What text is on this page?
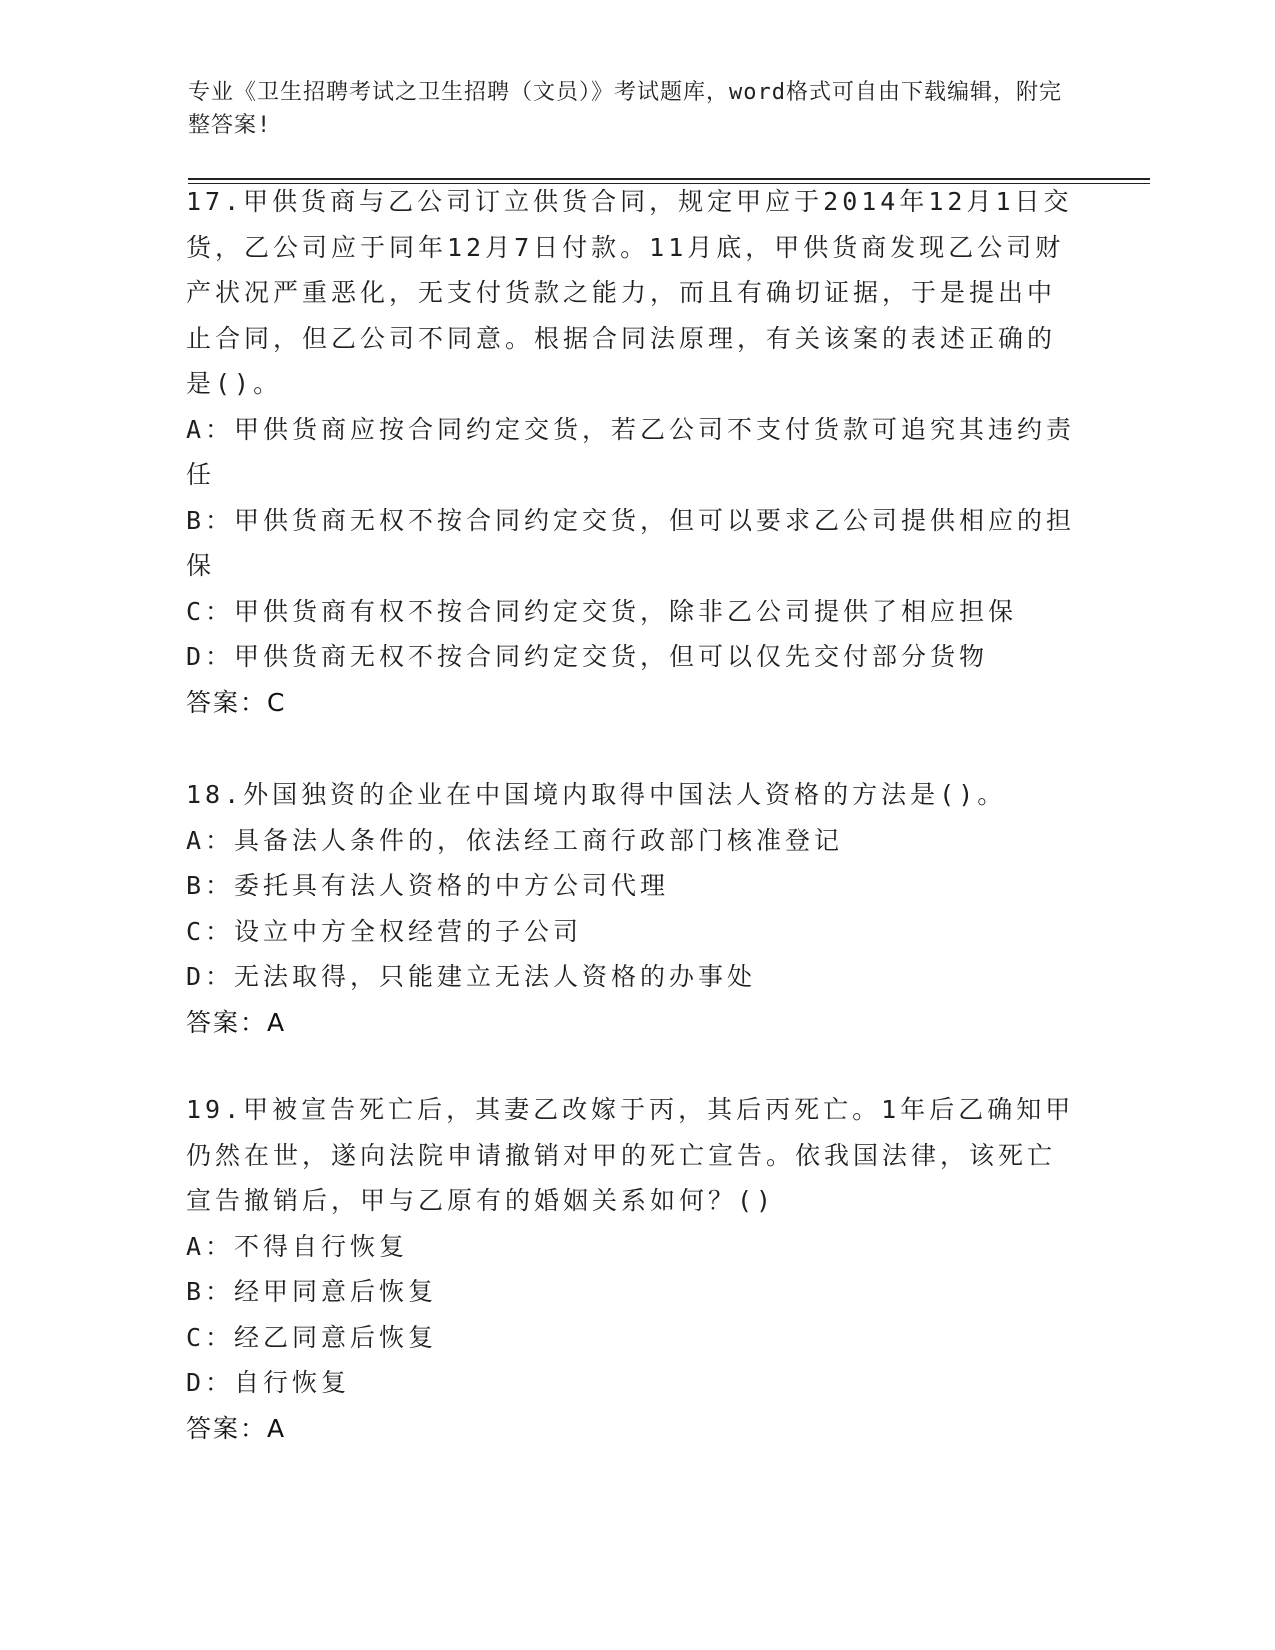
专业《卫生招聘考试之卫生招聘（文员）》考试题库，word格式可自由下载编辑，附完整答案!

17.甲供货商与乙公司订立供货合同，规定甲应于2014年12月1日交货，乙公司应于同年12月7日付款。11月底，甲供货商发现乙公司财产状况严重恶化，无支付货款之能力，而且有确切证据，于是提出中止合同，但乙公司不同意。根据合同法原理，有关该案的表述正确的是()。

A：甲供货商应按合同约定交货，若乙公司不支付货款可追究其违约责任

B：甲供货商无权不按合同约定交货，但可以要求乙公司提供相应的担保

C：甲供货商有权不按合同约定交货，除非乙公司提供了相应担保

D：甲供货商无权不按合同约定交货，但可以仅先交付部分货物

答案：C

18.外国独资的企业在中国境内取得中国法人资格的方法是()。

A：具备法人条件的，依法经工商行政部门核准登记

B：委托具有法人资格的中方公司代理

C：设立中方全权经营的子公司

D：无法取得，只能建立无法人资格的办事处

答案：A

19.甲被宣告死亡后，其妻乙改嫁于丙，其后丙死亡。1年后乙确知甲仍然在世，遂向法院申请撤销对甲的死亡宣告。依我国法律，该死亡宣告撤销后，甲与乙原有的婚姻关系如何？()

A：不得自行恢复

B：经甲同意后恢复

C：经乙同意后恢复

D：自行恢复

答案：A
